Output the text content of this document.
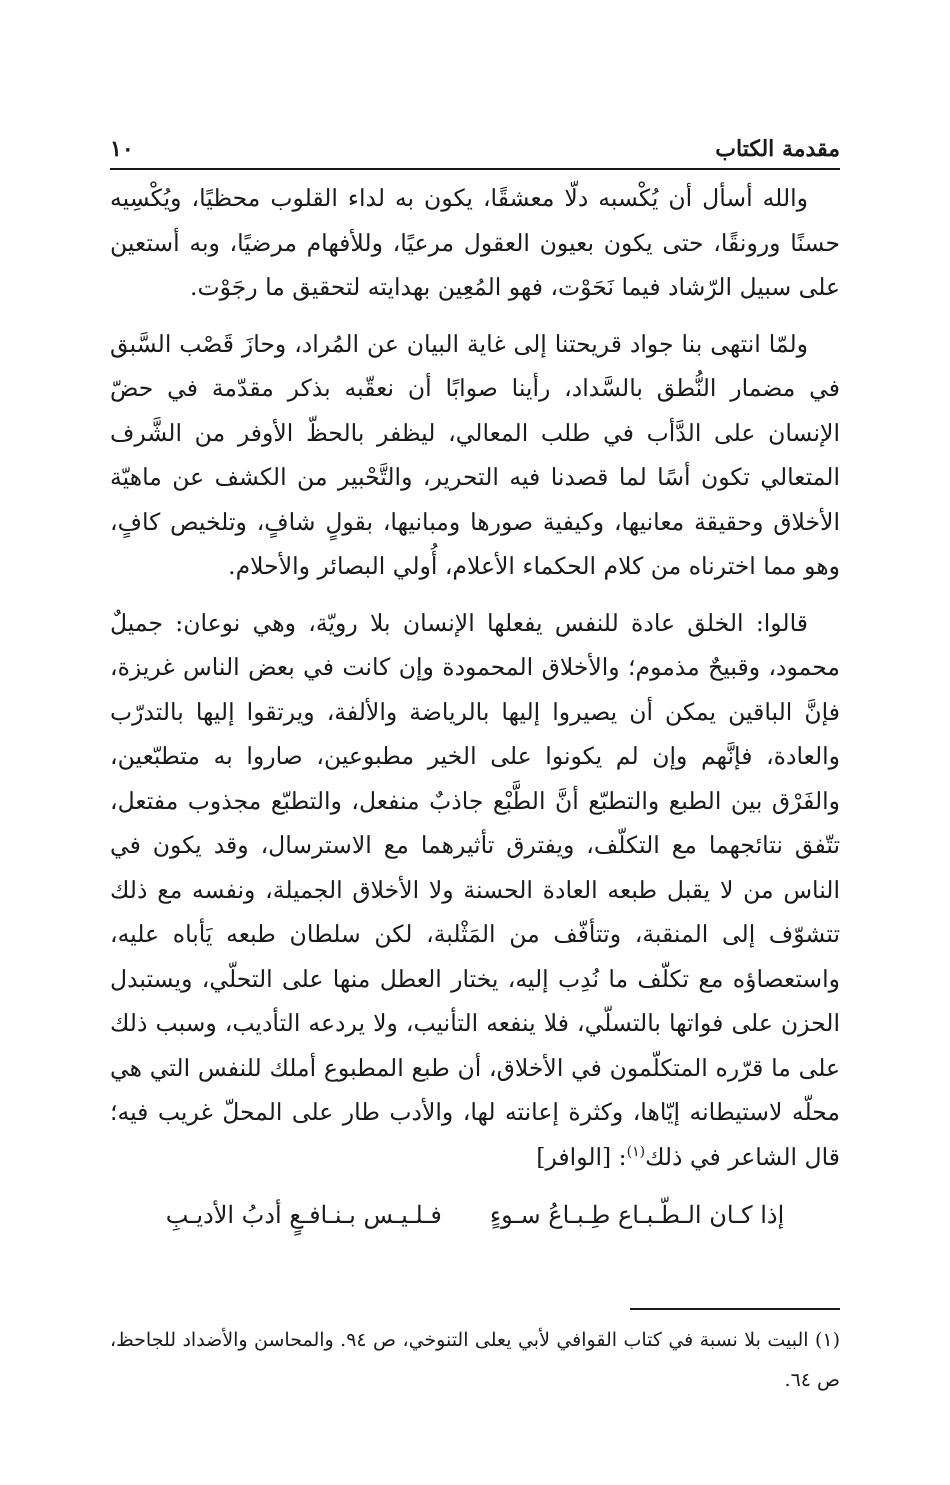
مقدمة الكتاب
١٠

والله أسأل أن يُكْسبه دلّا معشقًا، يكون به لداء القلوب محظيًا، ويُكْسِيه حسنًا ورونقًا، حتى يكون بعيون العقول مرعيًا، وللأفهام مرضيًا، وبه أستعين على سبيل الرّشاد فيما نَحَوْت، فهو المُعِين بهدايته لتحقيق ما رجَوْت.

ولمّا انتهى بنا جواد قريحتنا إلى غاية البيان عن المُراد، وحازَ قَصْب السَّبق في مضمار النُّطق بالسَّداد، رأينا صوابًا أن نعقّبه بذكر مقدّمة في حضّ الإنسان على الدَّأب في طلب المعالي، ليظفر بالحظّ الأوفر من الشَّرف المتعالي تكون أسًا لما قصدنا فيه التحرير، والتَّحْبير من الكشف عن ماهيّة الأخلاق وحقيقة معانيها، وكيفية صورها ومبانيها، بقولٍ شافٍ، وتلخيص كافٍ، وهو مما اخترناه من كلام الحكماء الأعلام، أُولي البصائر والأحلام.

قالوا: الخلق عادة للنفس يفعلها الإنسان بلا رويّة، وهي نوعان: جميلٌ محمود، وقبيحٌ مذموم؛ والأخلاق المحمودة وإن كانت في بعض الناس غريزة، فإنَّ الباقين يمكن أن يصيروا إليها بالرياضة والألفة، ويرتقوا إليها بالتدرّب والعادة، فإنَّهم وإن لم يكونوا على الخير مطبوعين، صاروا به متطبّعين، والفَرْق بين الطبع والتطبّع أنَّ الطَّبْع جاذبٌ منفعل، والتطبّع مجذوب مفتعل، تتّفق نتائجهما مع التكلّف، ويفترق تأثيرهما مع الاسترسال، وقد يكون في الناس من لا يقبل طبعه العادة الحسنة ولا الأخلاق الجميلة، ونفسه مع ذلك تتشوّف إلى المنقبة، وتتأفّف من المَثْلبة، لكن سلطان طبعه يَأباه عليه، واستعصاؤه مع تكلّف ما نُدِب إليه، يختار العطل منها على التحلّي، ويستبدل الحزن على فواتها بالتسلّي، فلا ينفعه التأنيب، ولا يردعه التأديب، وسبب ذلك على ما قرّره المتكلّمون في الأخلاق، أن طبع المطبوع أملك للنفس التي هي محلّه لاستيطانه إيّاها، وكثرة إعانته لها، والأدب طار على المحلّ غريب فيه؛ قال الشاعر في ذلك$^{(١)}$: [الوافر]

إذا كـان الـطّـبـاع طِـبـاعُ سـوءٍ
فـلـيـس بـنـافـعٍ أدبُ الأديـبِ
(١) البيت بلا نسبة في كتاب القوافي لأبي يعلى التنوخي، ص ٩٤. والمحاسن والأضداد للجاحظ، ص ٦٤.
